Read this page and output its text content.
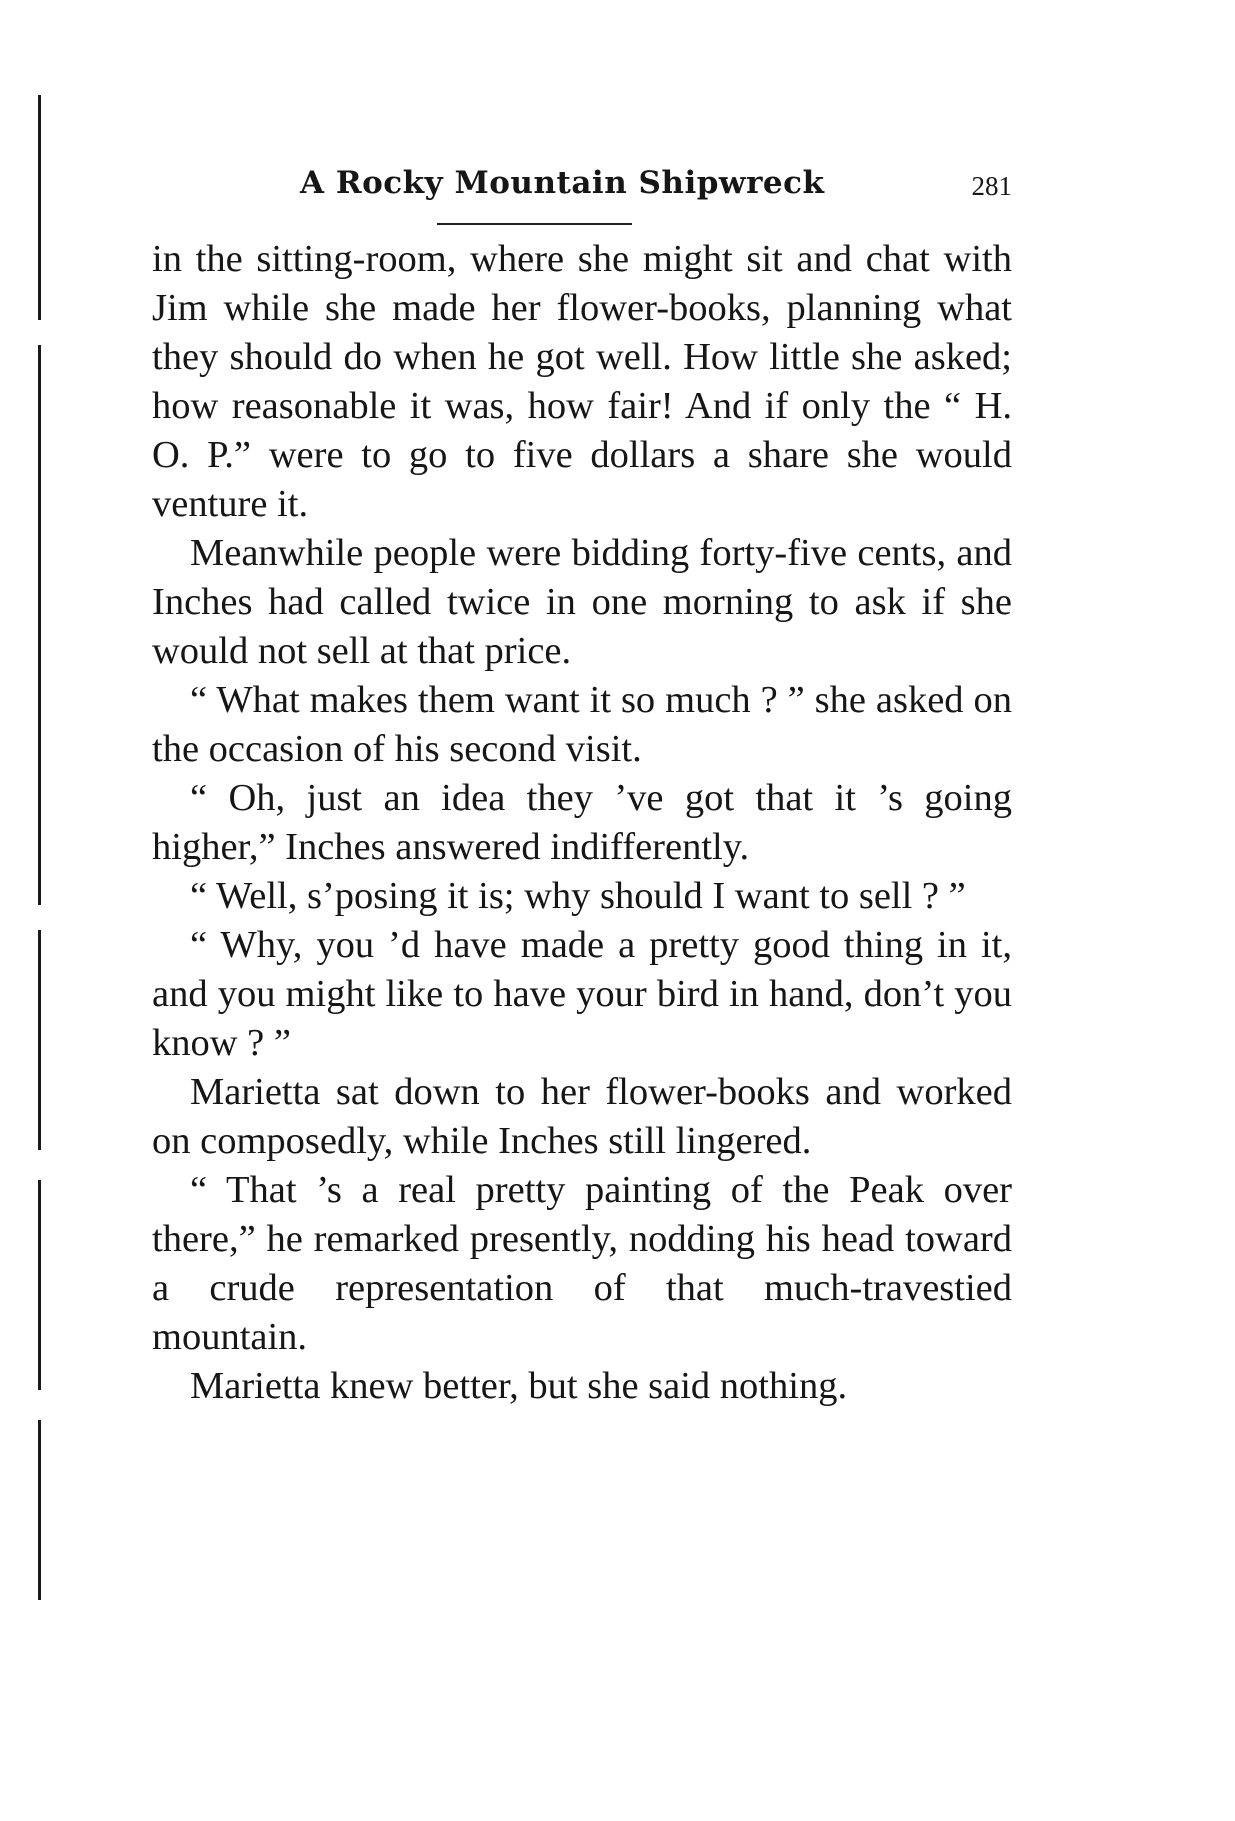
A Rocky Mountain Shipwreck	281

in the sitting-room, where she might sit and chat with Jim while she made her flower-books, planning what they should do when he got well. How little she asked; how reasonable it was, how fair! And if only the “ H. O. P.” were to go to five dollars a share she would venture it.

Meanwhile people were bidding forty-five cents, and Inches had called twice in one morning to ask if she would not sell at that price.

“ What makes them want it so much ? ” she asked on the occasion of his second visit.

“ Oh, just an idea they ’ve got that it ’s going higher,” Inches answered indifferently.

“ Well, s’posing it is; why should I want to sell ? ”

“ Why, you ’d have made a pretty good thing in it, and you might like to have your bird in hand, don’t you know ? ”

Marietta sat down to her flower-books and worked on composedly, while Inches still lingered.

“ That ’s a real pretty painting of the Peak over there,” he remarked presently, nodding his head toward a crude representation of that much-travestied mountain.

Marietta knew better, but she said nothing.
